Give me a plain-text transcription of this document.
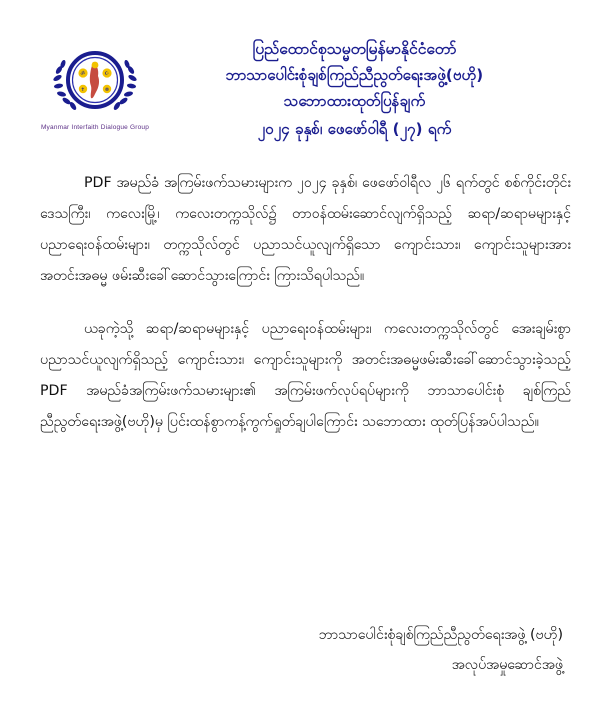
ॐ	☪
✝	☸
Myanmar Interfaith Dialogue Group
ပြည်ထောင်စုသမ္မတမြန်မာနိုင်ငံတော်
ဘာသာပေါင်းစုံချစ်ကြည်ညီညွတ်ရေးအဖွဲ့(ဗဟို)
သဘောထားထုတ်ပြန်ချက်
၂၀၂၄ ခုနှစ်၊ ဖေဖော်ဝါရီ (၂၇) ရက်

PDF အမည်ခံ အကြမ်းဖက်သမားများက ၂၀၂၄ ခုနှစ်၊ ဖေဖော်ဝါရီလ ၂၆ ရက်တွင် စစ်ကိုင်းတိုင်းဒေသကြီး၊ ကလေးမြို့၊ ကလေးတက္ကသိုလ်၌ တာဝန်ထမ်းဆောင်လျက်ရှိသည့် ဆရာ/ဆရာမများနှင့် ပညာရေးဝန်ထမ်းများ၊ တက္ကသိုလ်တွင် ပညာသင်ယူလျက်ရှိသော ကျောင်းသား၊ ကျောင်းသူများအား အတင်းအဓမ္မ ဖမ်းဆီးခေါ်ဆောင်သွားကြောင်း ကြားသိရပါသည်။

ယခုကဲ့သို့ ဆရာ/ဆရာမများနှင့် ပညာရေးဝန်ထမ်းများ၊ ကလေးတက္ကသိုလ်တွင် အေးချမ်းစွာ ပညာသင်ယူလျက်ရှိသည့် ကျောင်းသား၊ ကျောင်းသူများကို အတင်းအဓမ္မဖမ်းဆီးခေါ်ဆောင်သွားခဲ့သည့် PDF အမည်ခံအကြမ်းဖက်သမားများ၏ အကြမ်းဖက်လုပ်ရပ်များကို ဘာသာပေါင်းစုံ ချစ်ကြည်ညီညွတ်ရေးအဖွဲ့(ဗဟို)မှ ပြင်းထန်စွာကန့်ကွက်ရှုတ်ချပါကြောင်း သဘောထား ထုတ်ပြန်အပ်ပါသည်။

ဘာသာပေါင်းစုံချစ်ကြည်ညီညွတ်ရေးအဖွဲ့ (ဗဟို)
အလုပ်အမှုဆောင်အဖွဲ့
